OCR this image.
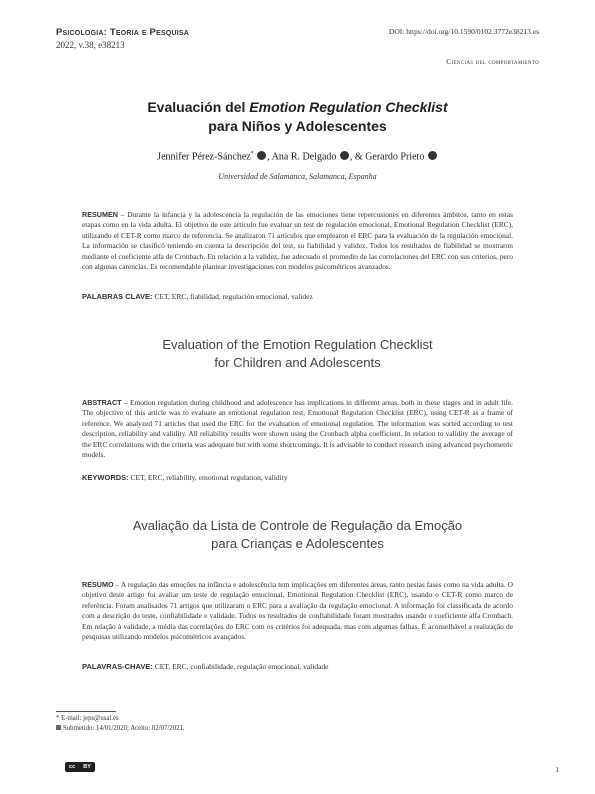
Psicologia: Teoria e Pesquisa
2022, v.38, e38213
DOI: https://doi.org/10.1590/0102.3772e38213.es
Ciencias del comportamiento
Evaluación del Emotion Regulation Checklist
para Niños y Adolescentes
Jennifer Pérez-Sánchez* , Ana R. Delgado , & Gerardo Prieto
Universidad de Salamanca, Salamanca, Espanha
RESUMEN – Durante la infancia y la adolescencia la regulación de las emociones tiene repercusiones en diferentes ámbitos, tanto en estas etapas como en la vida adulta. El objetivo de este artículo fue evaluar un test de regulación emocional, Emotional Regulation Checklist (ERC), utilizando el CET-R como marco de referencia. Se analizaron 71 artículos que emplearon el ERC para la evaluación de la regulación emocional. La información se clasificó teniendo en cuenta la descripción del test, su fiabilidad y validez. Todos los resultados de fiabilidad se mostraron mediante el coeficiente alfa de Cronbach. En relación a la validez, fue adecuado el promedio de las correlaciones del ERC con sus criterios, pero con algunas carencias. Es recomendable plantear investigaciones con modelos psicométricos avanzados.
PALABRAS CLAVE: CET, ERC, fiabilidad, regulación emocional, validez
Evaluation of the Emotion Regulation Checklist
for Children and Adolescents
ABSTRACT – Emotion regulation during childhood and adolescence has implications in different areas, both in these stages and in adult life. The objective of this article was to evaluate an emotional regulation test, Emotional Regulation Checklist (ERC), using CET-R as a frame of reference. We analyzed 71 articles that used the ERC for the evaluation of emotional regulation. The information was sorted according to test description, reliability and validity. All reliability results were shown using the Cronbach alpha coefficient. In relation to validity the average of the ERC correlations with the criteria was adequate but with some shortcomings. It is advisable to conduct research using advanced psychometric models.
KEYWORDS: CET, ERC, reliability, emotional regulation, validity
Avaliação da Lista de Controle de Regulação da Emoção
para Crianças e Adolescentes
RESUMO – A regulação das emoções na infância e adolescência tem implicações em diferentes áreas, tanto nestas fases como na vida adulta. O objetivo deste artigo foi avaliar um teste de regulação emocional, Emotional Regulation Checklist (ERC), usando o CET-R como marco de referência. Foram analisados 71 artigos que utilizaram o ERC para a avaliação da regulação emocional. A informação foi classificada de acordo com a descrição do teste, confiabilidade e validade. Todos os resultados de confiabilidade foram mostrados usando o coeficiente alfa Cronbach. Em relação à validade, a média das correlações do ERC com os critérios foi adequada, mas com algumas falhas. É aconselhável a realização de pesquisas utilizando modelos psicométricos avançados.
PALAVRAS-CHAVE: CET, ERC, confiabilidade, regulação emocional, validade
* E-mail: jeps@usal.es
Submetido: 14/01/2020; Aceito: 02/07/2021.
cc BY	1
